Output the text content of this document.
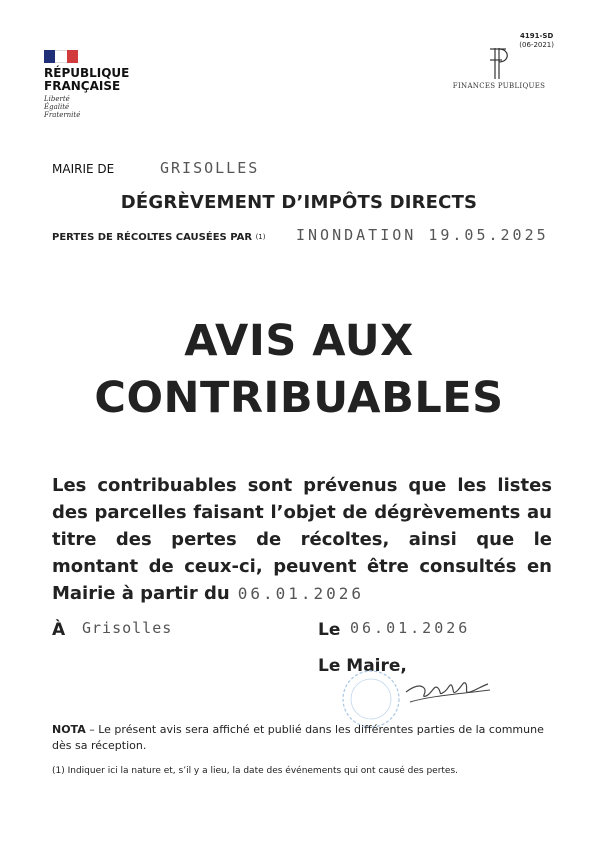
RÉPUBLIQUE
FRANÇAISE
Liberté
Égalité
Fraternité
4191-SD
(06-2021)
FINANCES PUBLIQUES
MAIRIE DE	GRISOLLES
DÉGRÈVEMENT D’IMPÔTS DIRECTS
PERTES DE RÉCOLTES CAUSÉES PAR (1) INONDATION 19.05.2025
AVIS AUX
CONTRIBUABLES
Les contribuables sont prévenus que les listes des parcelles faisant l’objet de dégrèvements au titre des pertes de récoltes, ainsi que le montant de ceux-ci, peuvent être consultés en Mairie à partir du 06.01.2026
À Grisolles	Le 06.01.2026
Le Maire,
NOTA – Le présent avis sera affiché et publié dans les différentes parties de la commune dès sa réception.
(1) Indiquer ici la nature et, s’il y a lieu, la date des événements qui ont causé des pertes.
